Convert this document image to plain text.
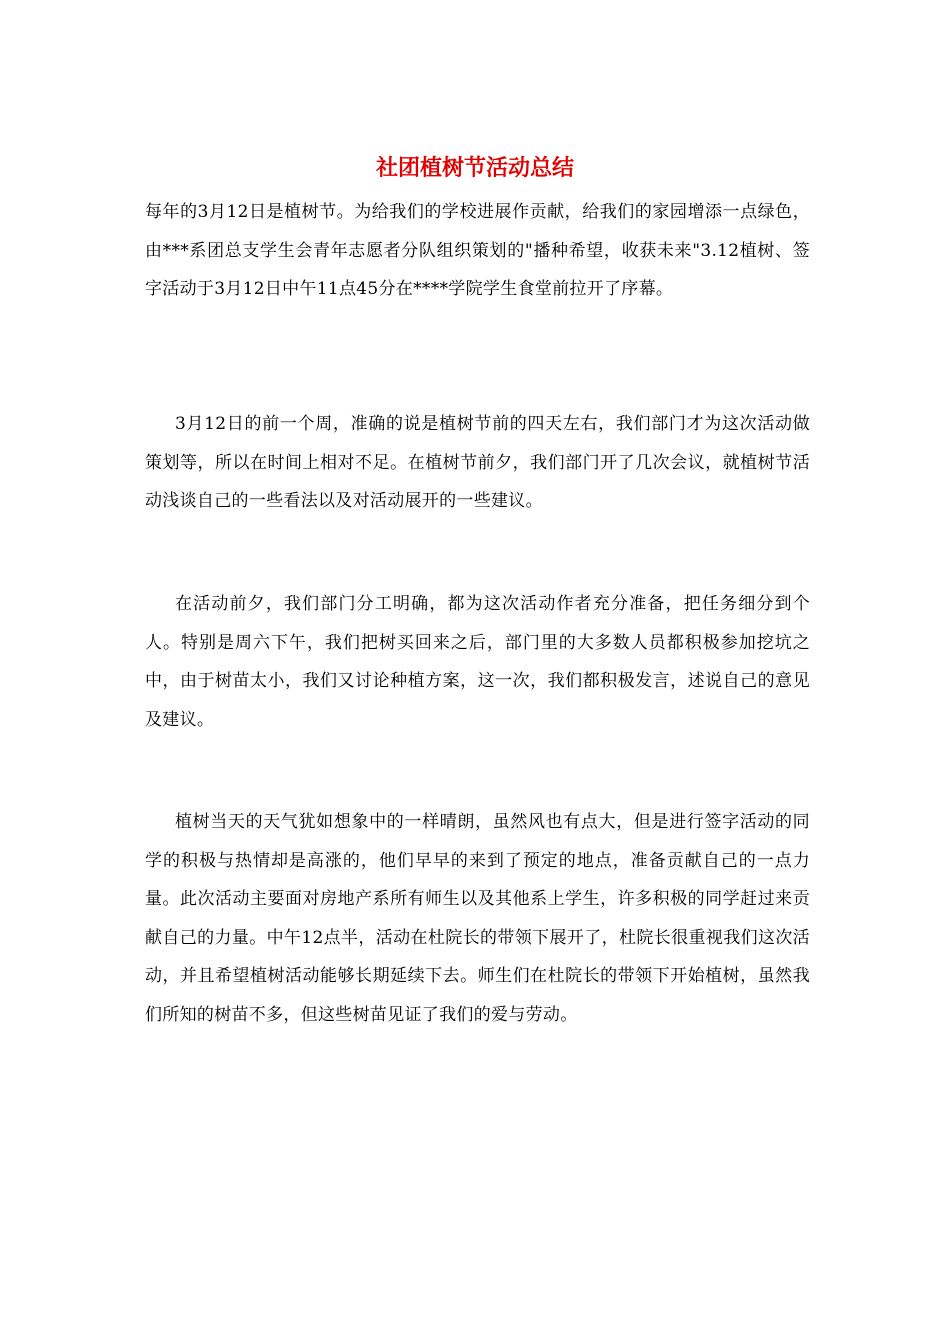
社团植树节活动总结

每年的3月12日是植树节。为给我们的学校进展作贡献，给我们的家园增添一点绿色，由***系团总支学生会青年志愿者分队组织策划的"播种希望，收获未来"3.12植树、签字活动于3月12日中午11点45分在****学院学生食堂前拉开了序幕。

3月12日的前一个周，准确的说是植树节前的四天左右，我们部门才为这次活动做策划等，所以在时间上相对不足。在植树节前夕，我们部门开了几次会议，就植树节活动浅谈自己的一些看法以及对活动展开的一些建议。

在活动前夕，我们部门分工明确，都为这次活动作者充分准备，把任务细分到个人。特别是周六下午，我们把树买回来之后，部门里的大多数人员都积极参加挖坑之中，由于树苗太小，我们又讨论种植方案，这一次，我们都积极发言，述说自己的意见及建议。

植树当天的天气犹如想象中的一样晴朗，虽然风也有点大，但是进行签字活动的同学的积极与热情却是高涨的，他们早早的来到了预定的地点，准备贡献自己的一点力量。此次活动主要面对房地产系所有师生以及其他系上学生，许多积极的同学赶过来贡献自己的力量。中午12点半，活动在杜院长的带领下展开了，杜院长很重视我们这次活动，并且希望植树活动能够长期延续下去。师生们在杜院长的带领下开始植树，虽然我们所知的树苗不多，但这些树苗见证了我们的爱与劳动。
